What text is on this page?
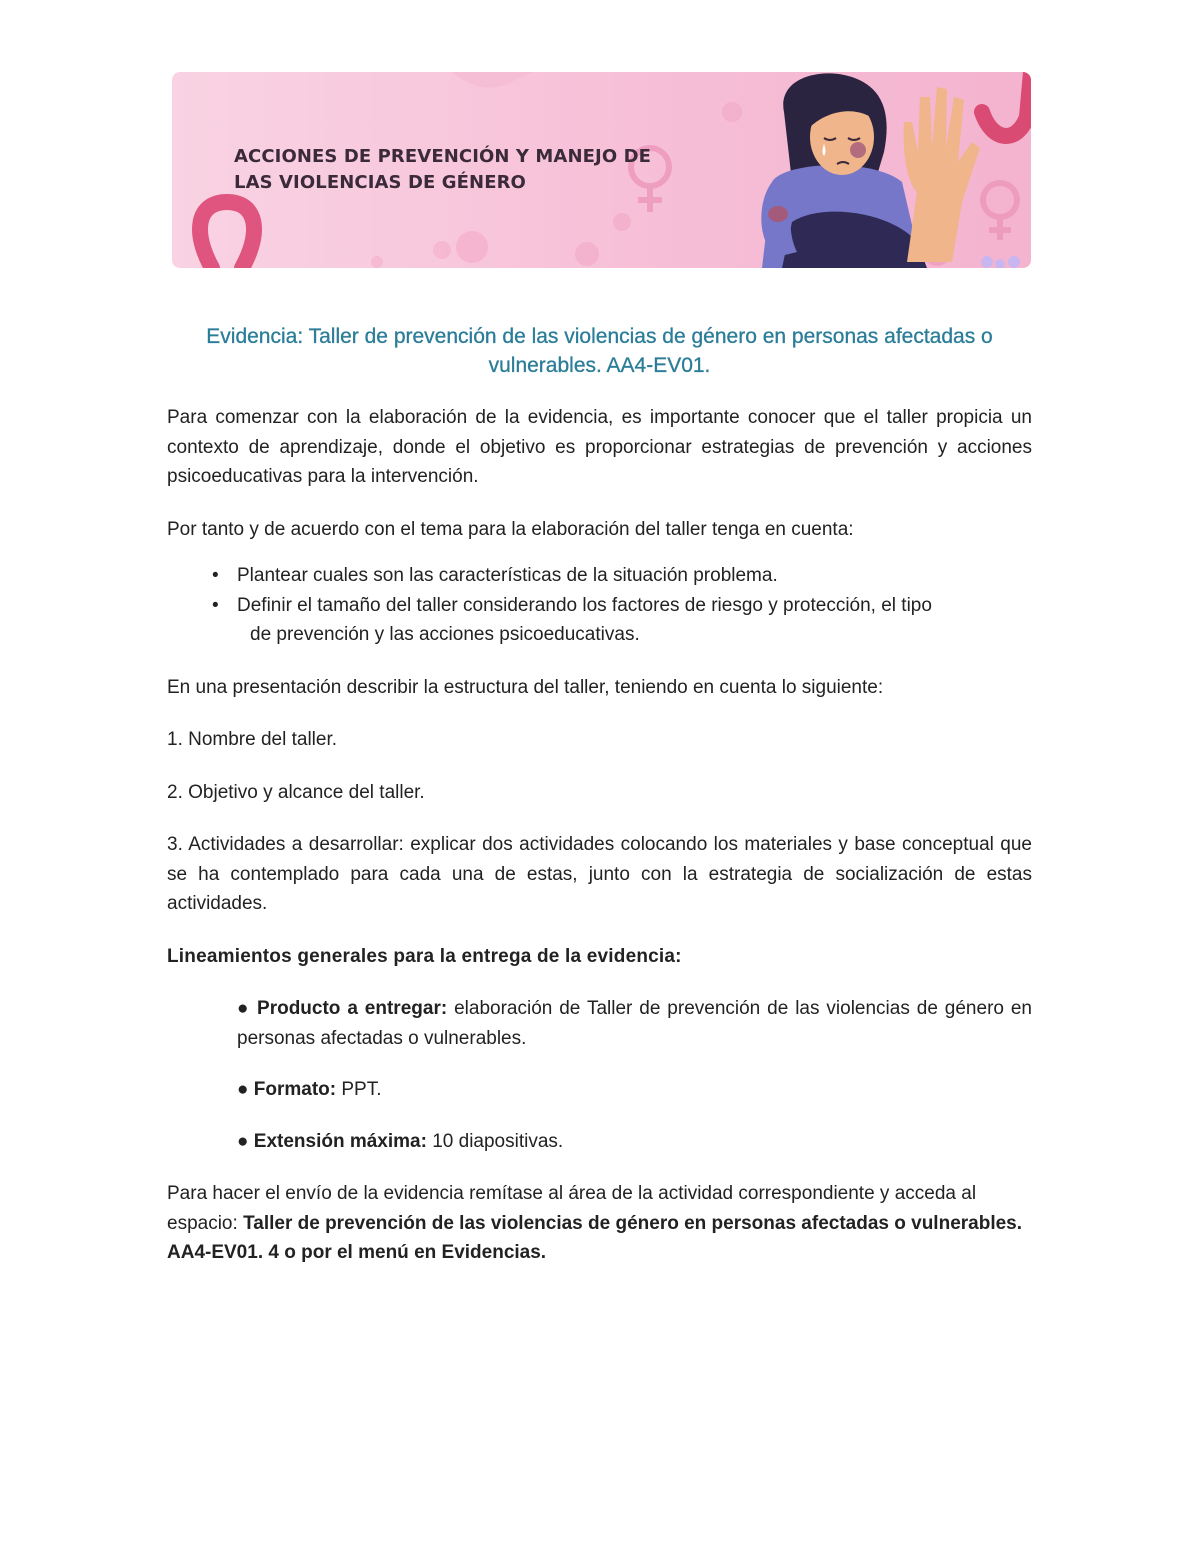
ACCIONES DE PREVENCIÓN Y MANEJO DE
LAS VIOLENCIAS DE GÉNERO
Evidencia: Taller de prevención de las violencias de género en personas afectadas o vulnerables. AA4-EV01.

Para comenzar con la elaboración de la evidencia, es importante conocer que el taller propicia un contexto de aprendizaje, donde el objetivo es proporcionar estrategias de prevención y acciones psicoeducativas para la intervención.

Por tanto y de acuerdo con el tema para la elaboración del taller tenga en cuenta:

• Plantear cuales son las características de la situación problema.
• Definir el tamaño del taller considerando los factores de riesgo y protección, el tipo
de prevención y las acciones psicoeducativas.

En una presentación describir la estructura del taller, teniendo en cuenta lo siguiente:

1. Nombre del taller.

2. Objetivo y alcance del taller.

3. Actividades a desarrollar: explicar dos actividades colocando los materiales y base conceptual que se ha contemplado para cada una de estas, junto con la estrategia de socialización de estas actividades.

Lineamientos generales para la entrega de la evidencia:

● Producto a entregar: elaboración de Taller de prevención de las violencias de género en personas afectadas o vulnerables.
● Formato: PPT.
● Extensión máxima: 10 diapositivas.

Para hacer el envío de la evidencia remítase al área de la actividad correspondiente y acceda al espacio: Taller de prevención de las violencias de género en personas afectadas o vulnerables. AA4-EV01. 4 o por el menú en Evidencias.
